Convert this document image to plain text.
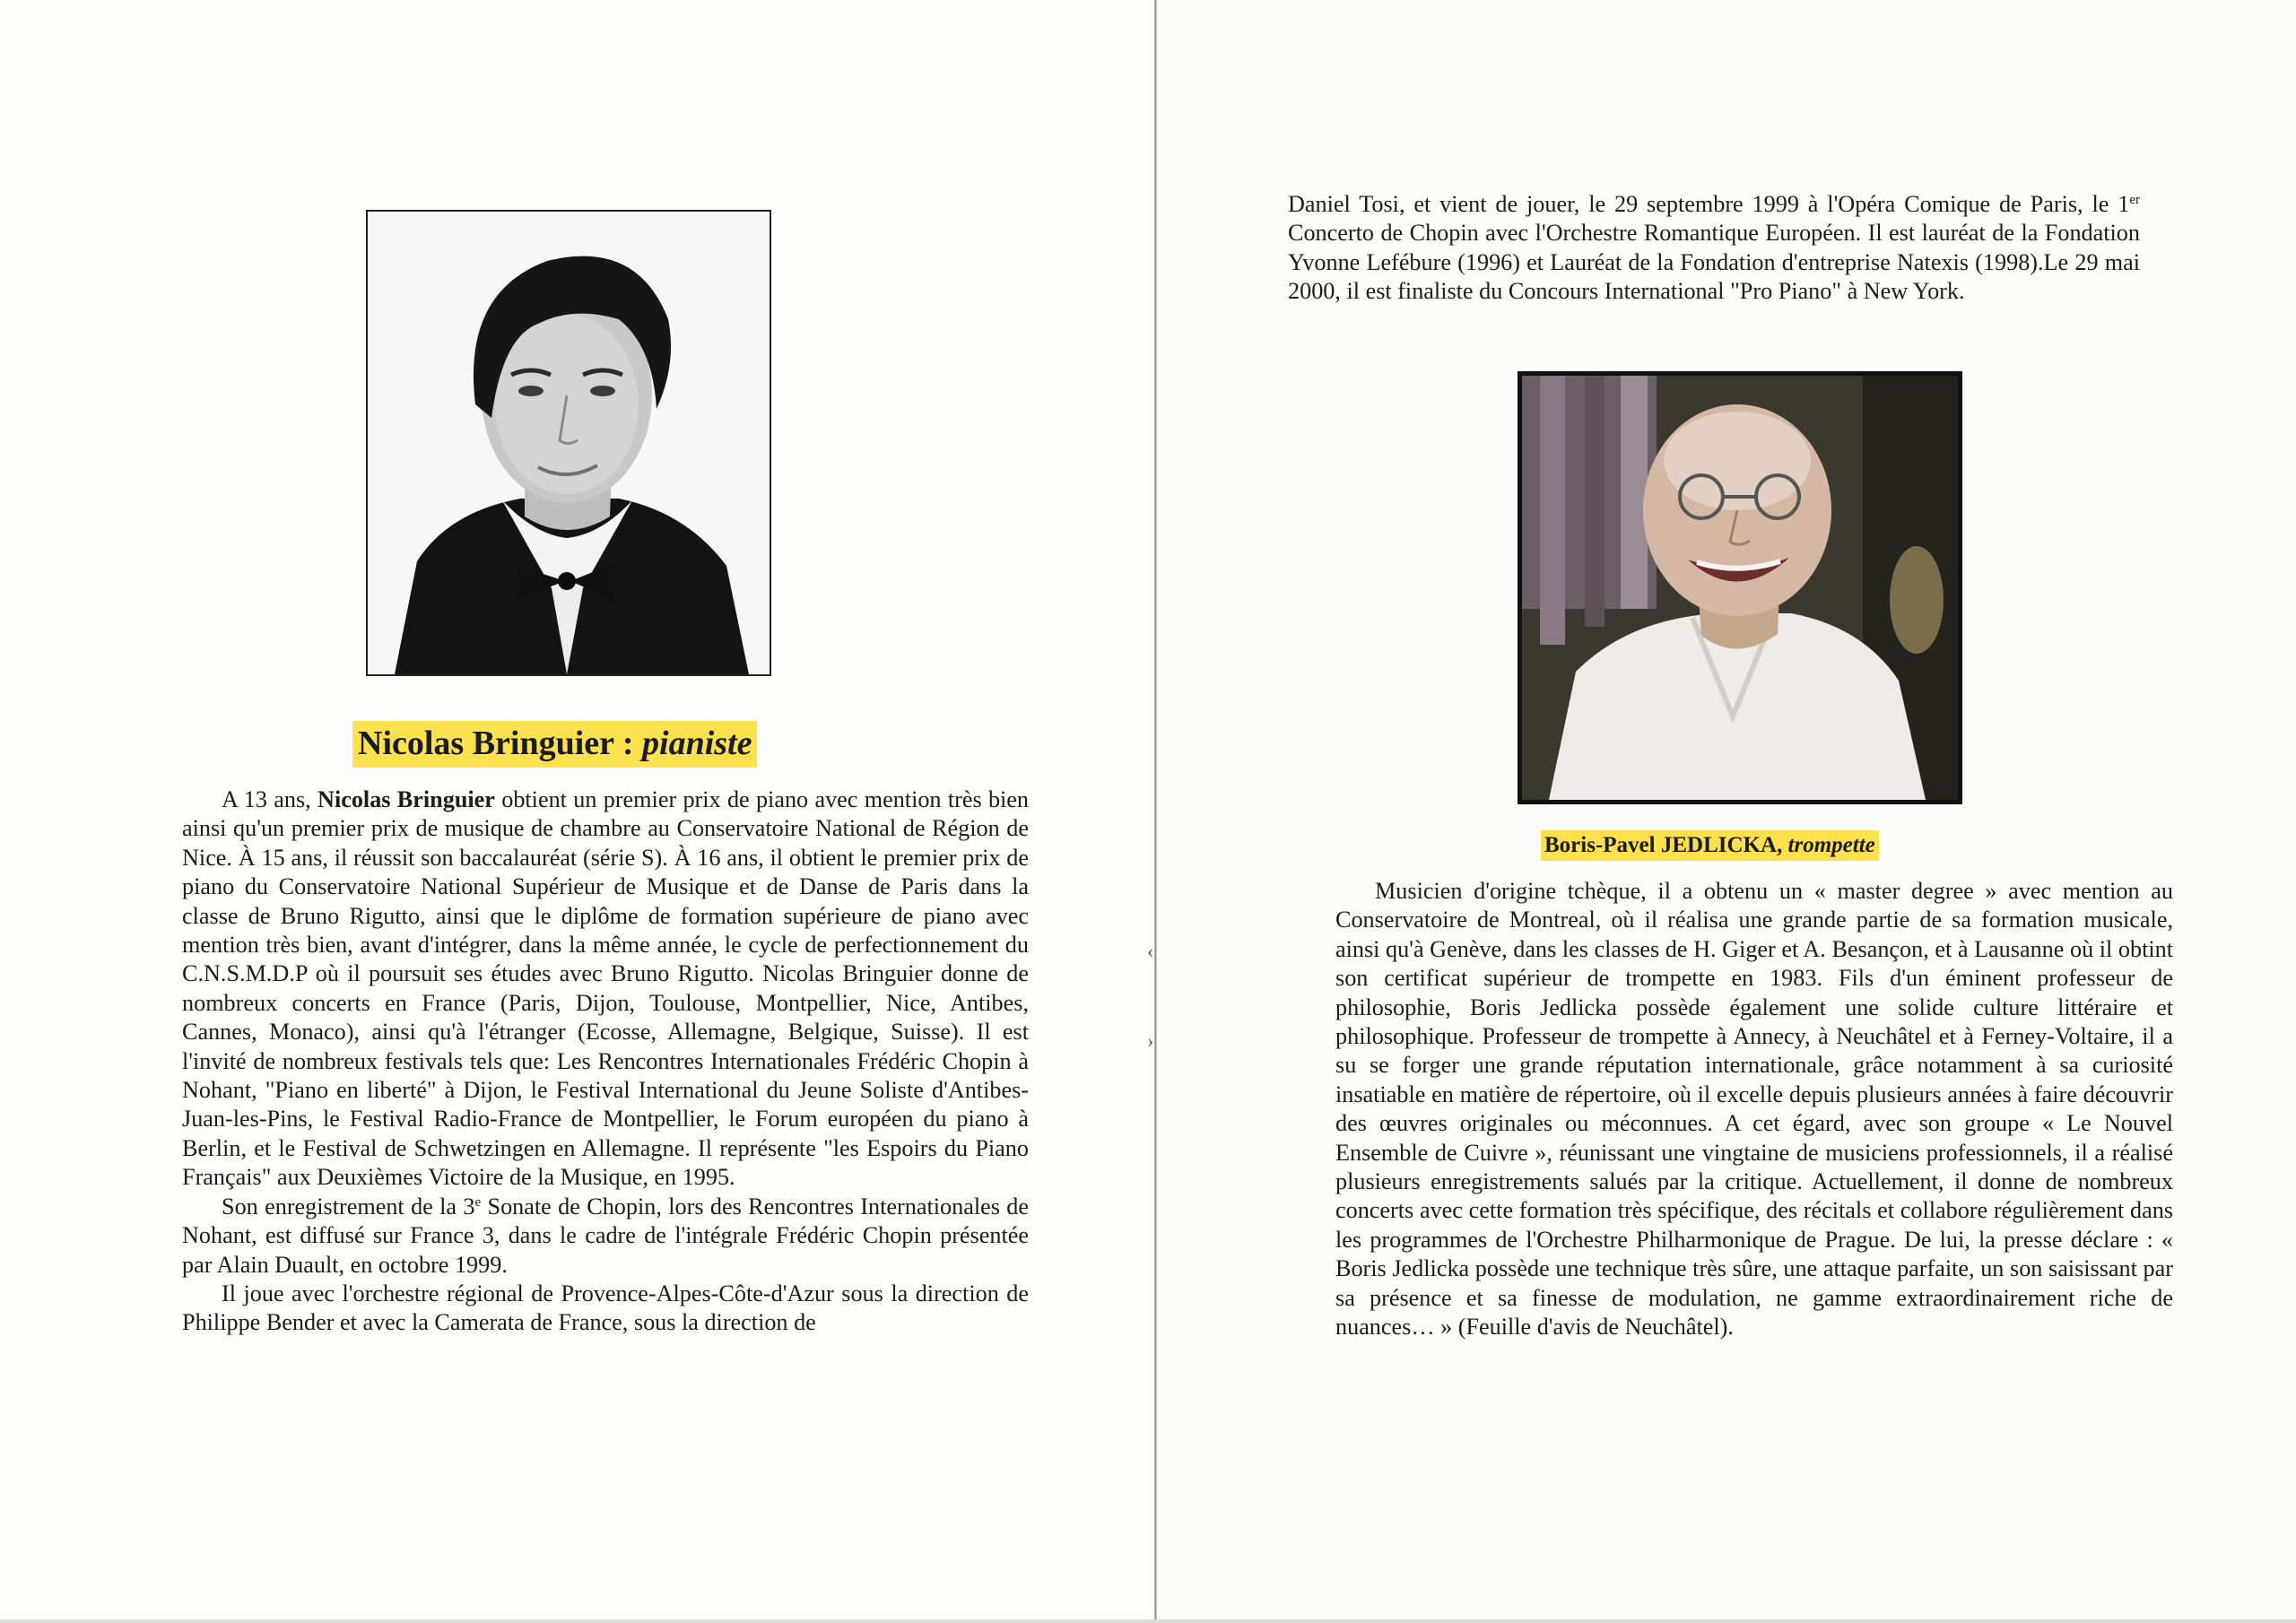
Nicolas Bringuier : pianiste

A 13 ans, Nicolas Bringuier obtient un premier prix de piano avec mention très bien ainsi qu'un premier prix de musique de chambre au Conservatoire National de Région de Nice. À 15 ans, il réussit son baccalauréat (série S). À 16 ans, il obtient le premier prix de piano du Conservatoire National Supérieur de Musique et de Danse de Paris dans la classe de Bruno Rigutto, ainsi que le diplôme de formation supérieure de piano avec mention très bien, avant d'intégrer, dans la même année, le cycle de perfectionnement du C.N.S.M.D.P où il poursuit ses études avec Bruno Rigutto. Nicolas Bringuier donne de nombreux concerts en France (Paris, Dijon, Toulouse, Montpellier, Nice, Antibes, Cannes, Monaco), ainsi qu'à l'étranger (Ecosse, Allemagne, Belgique, Suisse). Il est l'invité de nombreux festivals tels que: Les Rencontres Internationales Frédéric Chopin à Nohant, "Piano en liberté" à Dijon, le Festival International du Jeune Soliste d'Antibes-Juan-les-Pins, le Festival Radio-France de Montpellier, le Forum européen du piano à Berlin, et le Festival de Schwetzingen en Allemagne. Il représente "les Espoirs du Piano Français" aux Deuxièmes Victoire de la Musique, en 1995.

Son enregistrement de la 3e Sonate de Chopin, lors des Rencontres Internationales de Nohant, est diffusé sur France 3, dans le cadre de l'intégrale Frédéric Chopin présentée par Alain Duault, en octobre 1999.

Il joue avec l'orchestre régional de Provence-Alpes-Côte-d'Azur sous la direction de Philippe Bender et avec la Camerata de France, sous la direction de

Daniel Tosi, et vient de jouer, le 29 septembre 1999 à l'Opéra Comique de Paris, le 1er Concerto de Chopin avec l'Orchestre Romantique Européen. Il est lauréat de la Fondation Yvonne Lefébure (1996) et Lauréat de la Fondation d'entreprise Natexis (1998).Le 29 mai 2000, il est finaliste du Concours International "Pro Piano" à New York.

Boris-Pavel JEDLICKA, trompette

Musicien d'origine tchèque, il a obtenu un « master degree » avec mention au Conservatoire de Montreal, où il réalisa une grande partie de sa formation musicale, ainsi qu'à Genève, dans les classes de H. Giger et A. Besançon, et à Lausanne où il obtint son certificat supérieur de trompette en 1983. Fils d'un éminent professeur de philosophie, Boris Jedlicka possède également une solide culture littéraire et philosophique. Professeur de trompette à Annecy, à Neuchâtel et à Ferney-Voltaire, il a su se forger une grande réputation internationale, grâce notamment à sa curiosité insatiable en matière de répertoire, où il excelle depuis plusieurs années à faire découvrir des œuvres originales ou méconnues. A cet égard, avec son groupe « Le Nouvel Ensemble de Cuivre », réunissant une vingtaine de musiciens professionnels, il a réalisé plusieurs enregistrements salués par la critique. Actuellement, il donne de nombreux concerts avec cette formation très spécifique, des récitals et collabore régulièrement dans les programmes de l'Orchestre Philharmonique de Prague. De lui, la presse déclare : « Boris Jedlicka possède une technique très sûre, une attaque parfaite, un son saisissant par sa présence et sa finesse de modulation, ne gamme extraordinairement riche de nuances… » (Feuille d'avis de Neuchâtel).

‹
›
